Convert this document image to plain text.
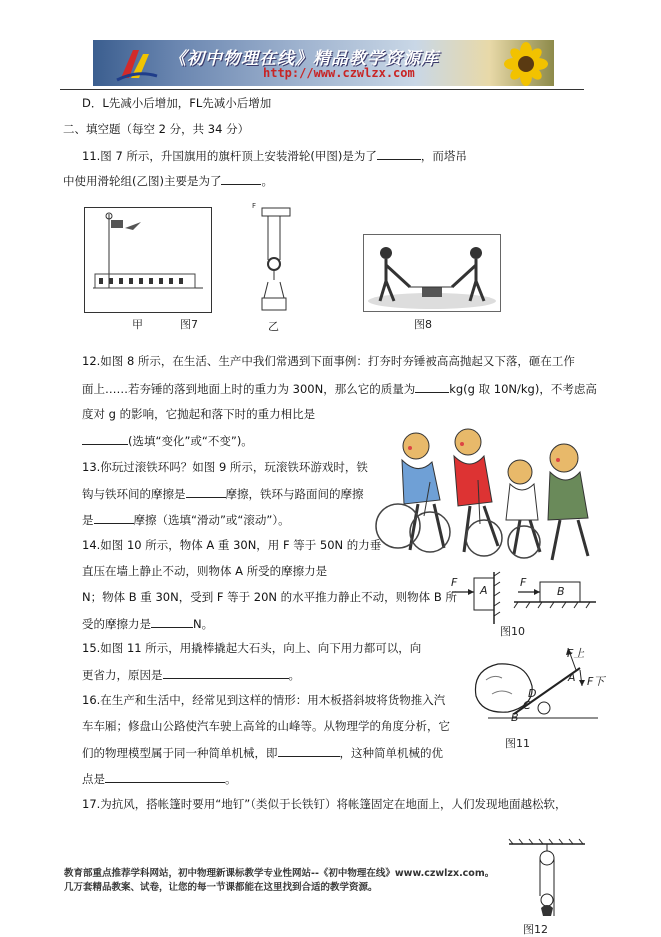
《初中物理在线》精品教学资源库
http://www.czwlzx.com
D．L先减小后增加，FL先减小后增加
二、填空题（每空 2 分，共 34 分）
11.图 7 所示，升国旗用的旗杆顶上安装滑轮(甲图)是为了	，而塔吊
中使用滑轮组(乙图)主要是为了	。
甲	图7
F
乙	图8
12.如图 8 所示，在生活、生产中我们常遇到下面事例：打夯时夯锤被高高抛起又下落，砸在工作
面上……若夯锤的落到地面上时的重力为 300N，那么它的质量为	kg(g 取 10N/kg)，不考虑高
度对 g 的影响，它抛起和落下时的重力相比是
(选填“变化”或“不变”)。
13.你玩过滚铁环吗？如图 9 所示，玩滚铁环游戏时，铁
钩与铁环间的摩擦是	摩擦，铁环与路面间的摩擦
是	摩擦（选填“滑动”或“滚动”）。
14.如图 10 所示，物体 A 重 30N，用 F 等于 50N 的力垂
直压在墙上静止不动，则物体 A 所受的摩擦力是
N；物体 B 重 30N，受到 F 等于 20N 的水平推力静止不动，则物体 B 所
受的摩擦力是	N。
F
A
F
B
图10
15.如图 11 所示，用撬棒撬起大石头，向上、向下用力都可以，向
更省力，原因是	。
F上
A F下
D
C
B
图11
16.在生产和生活中，经常见到这样的情形：用木板搭斜坡将货物推入汽
车车厢；修盘山公路使汽车驶上高耸的山峰等。从物理学的角度分析，它
们的物理模型属于同一种简单机械，即	，这种简单机械的优
点是	。
17.为抗风，搭帐篷时要用“地钉”（类似于长铁钉）将帐篷固定在地面上，人们发现地面越松软，
图12
教育部重点推荐学科网站，初中物理新课标教学专业性网站--《初中物理在线》www.czwlzx.com。
几万套精品教案、试卷，让您的每一节课都能在这里找到合适的教学资源。
